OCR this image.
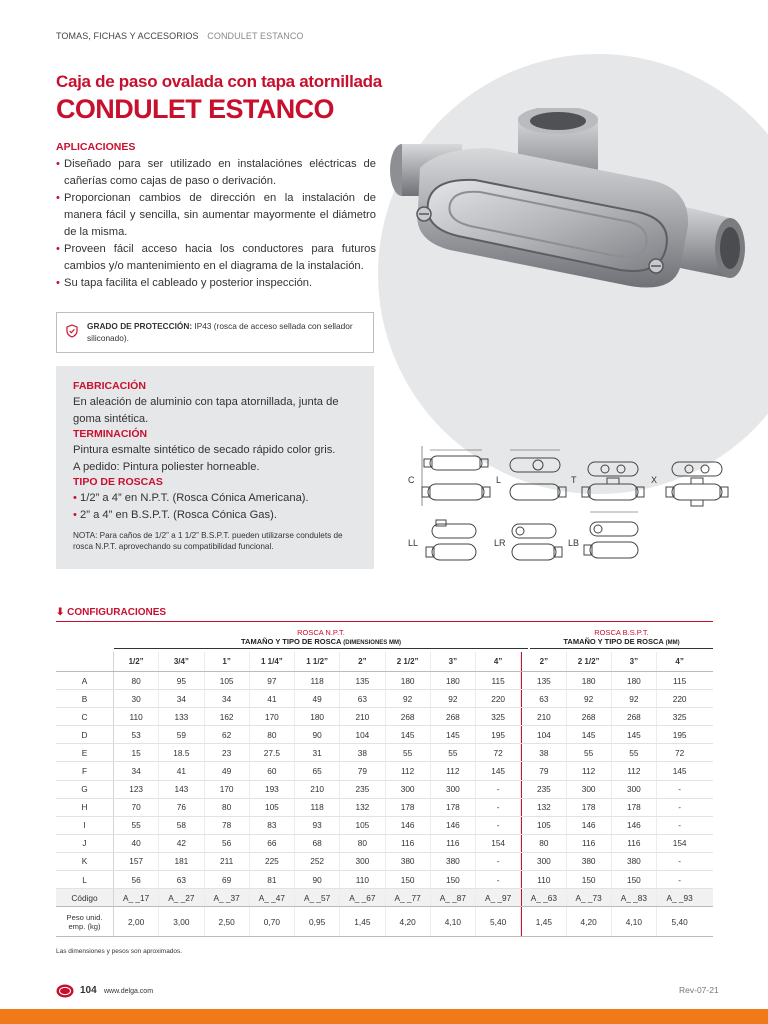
TOMAS, FICHAS Y ACCESORIOS CONDULET ESTANCO
Caja de paso ovalada con tapa atornillada
CONDULET ESTANCO
APLICACIONES
• Diseñado para ser utilizado en instalaciónes eléctricas de cañerías como cajas de paso o derivación.
• Proporcionan cambios de dirección en la instalación de manera fácil y sencilla, sin aumentar mayormente el diámetro de la misma.
• Proveen fácil acceso hacia los conductores para futuros cambios y/o mantenimiento en el diagrama de la instalación.
• Su tapa facilita el cableado y posterior inspección.
GRADO DE PROTECCIÓN: IP43 (rosca de acceso sellada con sellador siliconado).
FABRICACIÓN
En aleación de aluminio con tapa atornillada, junta de goma sintética.
TERMINACIÓN
Pintura esmalte sintético de secado rápido color gris.
A pedido: Pintura poliester horneable.
TIPO DE ROSCAS
• 1/2” a 4” en N.P.T. (Rosca Cónica Americana).
• 2” a 4” en B.S.P.T. (Rosca Cónica Gas).
NOTA: Para caños de 1/2” a 1 1/2” B.S.P.T. pueden utilizarse condulets de rosca N.P.T. aprovechando su compatibilidad funcional.
C	L	T	X
LL	LR	LB
⬇ CONFIGURACIONES
ROSCA N.P.T.
TAMAÑO Y TIPO DE ROSCA (DIMENSIONES MM)
ROSCA B.S.P.T.
TAMAÑO Y TIPO DE ROSCA (MM)
1/2”	3/4”	1”	1 1/4”	1 1/2”	2”	2 1/2”	3”	4”	2”	2 1/2”	3”	4”
A	80	95	105	97	118	135	180	180	115	135	180	180	115
B	30	34	34	41	49	63	92	92	220	63	92	92	220
C	110	133	162	170	180	210	268	268	325	210	268	268	325
D	53	59	62	80	90	104	145	145	195	104	145	145	195
E	15	18.5	23	27.5	31	38	55	55	72	38	55	55	72
F	34	41	49	60	65	79	112	112	145	79	112	112	145
G	123	143	170	193	210	235	300	300	-	235	300	300	-
H	70	76	80	105	118	132	178	178	-	132	178	178	-
I	55	58	78	83	93	105	146	146	-	105	146	146	-
J	40	42	56	66	68	80	116	116	154	80	116	116	154
K	157	181	211	225	252	300	380	380	-	300	380	380	-
L	56	63	69	81	90	110	150	150	-	110	150	150	-
Código	A_ _17	A_ _27	A_ _37	A_ _47	A_ _57	A_ _67	A_ _77	A_ _87	A_ _97	A_ _63	A_ _73	A_ _83	A_ _93
Peso unid.
emp. (kg)	2,00	3,00	2,50	0,70	0,95	1,45	4,20	4,10	5,40	1,45	4,20	4,10	5,40
Las dimensiones y pesos son aproximados.
104 www.delga.com	Rev-07-21
